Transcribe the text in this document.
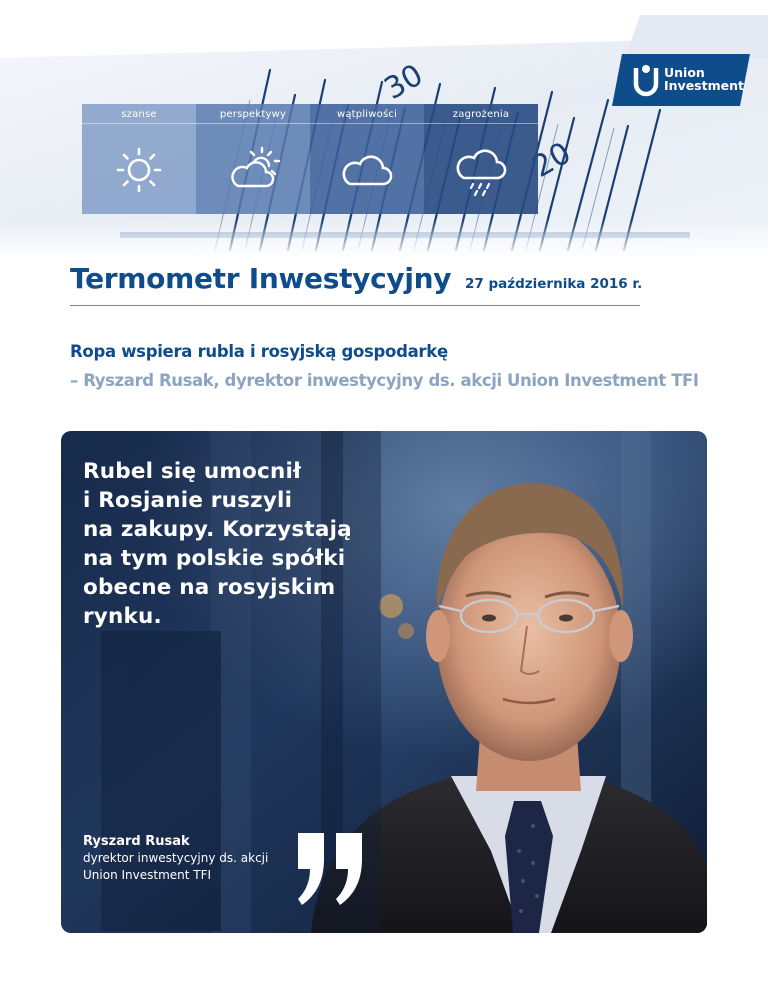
Union
Investment
szanse	perspektywy	wątpliwości	zagrożenia
Termometr Inwestycyjny 27 października 2016 r.
Ropa wspiera rubla i rosyjską gospodarkę
– Ryszard Rusak, dyrektor inwestycyjny ds. akcji Union Investment TFI
Rubel się umocnił
i Rosjanie ruszyli
na zakupy. Korzystają
na tym polskie spółki
obecne na rosyjskim
rynku.
Ryszard Rusak
dyrektor inwestycyjny ds. akcji
Union Investment TFI
